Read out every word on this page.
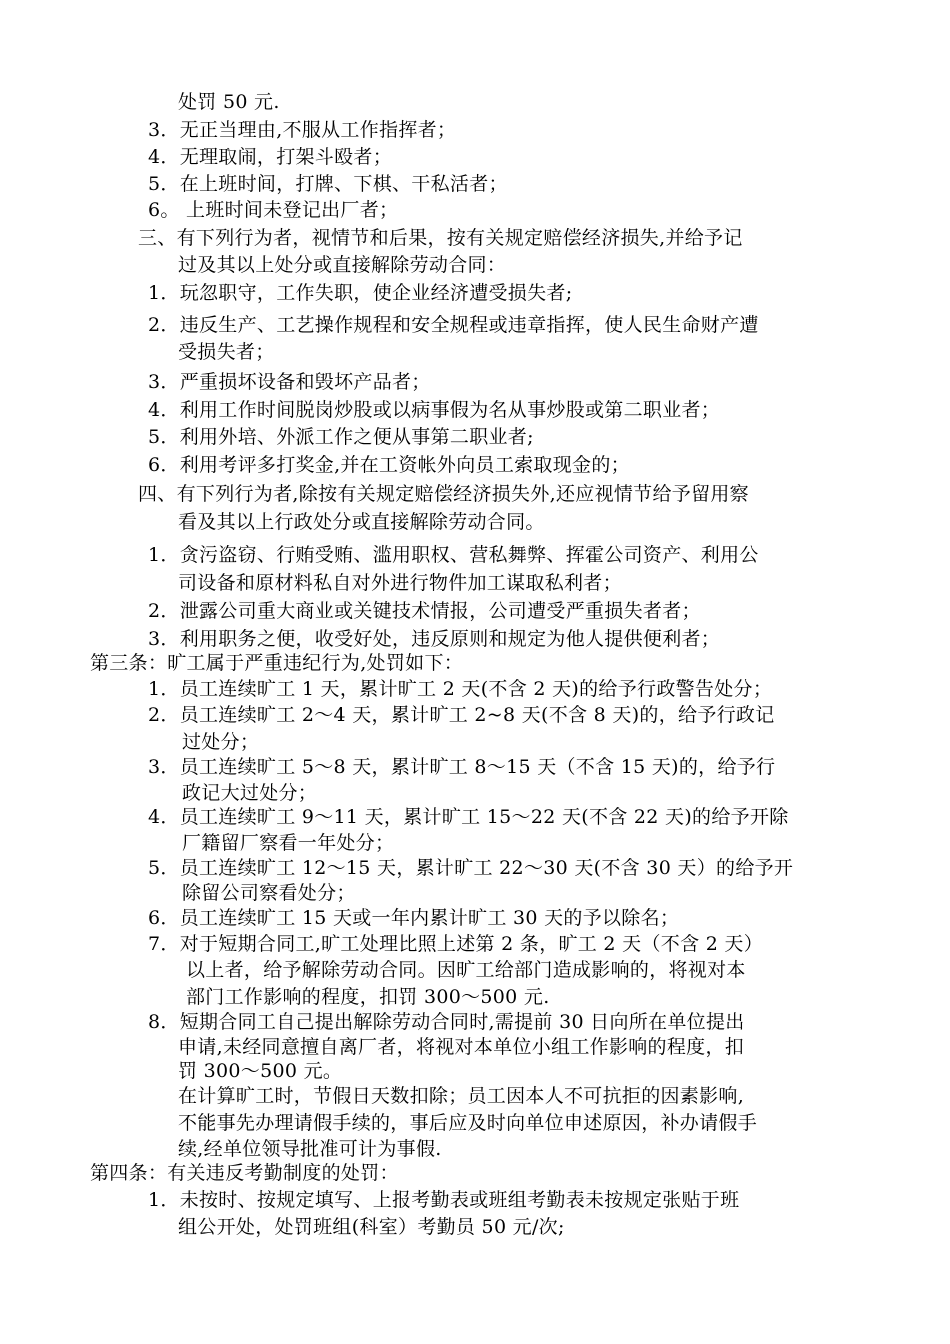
处罚 50 元.
3．无正当理由,不服从工作指挥者；
4．无理取闹，打架斗殴者；
5．在上班时间，打牌、下棋、干私活者；
6。 上班时间未登记出厂者；
三、有下列行为者，视情节和后果，按有关规定赔偿经济损失,并给予记
过及其以上处分或直接解除劳动合同：
1．玩忽职守，工作失职，使企业经济遭受损失者;
2．违反生产、工艺操作规程和安全规程或违章指挥，使人民生命财产遭
受损失者；
3．严重损坏设备和毁坏产品者；
4．利用工作时间脱岗炒股或以病事假为名从事炒股或第二职业者；
5．利用外培、外派工作之便从事第二职业者;
6．利用考评多打奖金,并在工资帐外向员工索取现金的；
四、有下列行为者,除按有关规定赔偿经济损失外,还应视情节给予留用察
看及其以上行政处分或直接解除劳动合同。
1．贪污盗窃、行贿受贿、滥用职权、营私舞弊、挥霍公司资产、利用公
司设备和原材料私自对外进行物件加工谋取私利者；
2．泄露公司重大商业或关键技术情报，公司遭受严重损失者者；
3．利用职务之便，收受好处，违反原则和规定为他人提供便利者；
第三条：旷工属于严重违纪行为,处罚如下：
1．员工连续旷工 1 天，累计旷工 2 天(不含 2 天)的给予行政警告处分；
2．员工连续旷工 2～4 天，累计旷工 2~8 天(不含 8 天)的，给予行政记
过处分；
3．员工连续旷工 5～8 天，累计旷工 8～15 天（不含 15 天)的，给予行
政记大过处分；
4．员工连续旷工 9～11 天，累计旷工 15～22 天(不含 22 天)的给予开除
厂籍留厂察看一年处分；
5．员工连续旷工 12～15 天，累计旷工 22～30 天(不含 30 天）的给予开
除留公司察看处分；
6．员工连续旷工 15 天或一年内累计旷工 30 天的予以除名；
7．对于短期合同工,旷工处理比照上述第 2 条，旷工 2 天（不含 2 天）
以上者，给予解除劳动合同。因旷工给部门造成影响的，将视对本
部门工作影响的程度，扣罚 300～500 元.
8．短期合同工自己提出解除劳动合同时,需提前 30 日向所在单位提出
申请,未经同意擅自离厂者，将视对本单位小组工作影响的程度，扣
罚 300～500 元。
在计算旷工时，节假日天数扣除；员工因本人不可抗拒的因素影响,
不能事先办理请假手续的，事后应及时向单位申述原因，补办请假手
续,经单位领导批准可计为事假.
第四条：有关违反考勤制度的处罚：
1．未按时、按规定填写、上报考勤表或班组考勤表未按规定张贴于班
组公开处，处罚班组(科室）考勤员 50 元/次;
